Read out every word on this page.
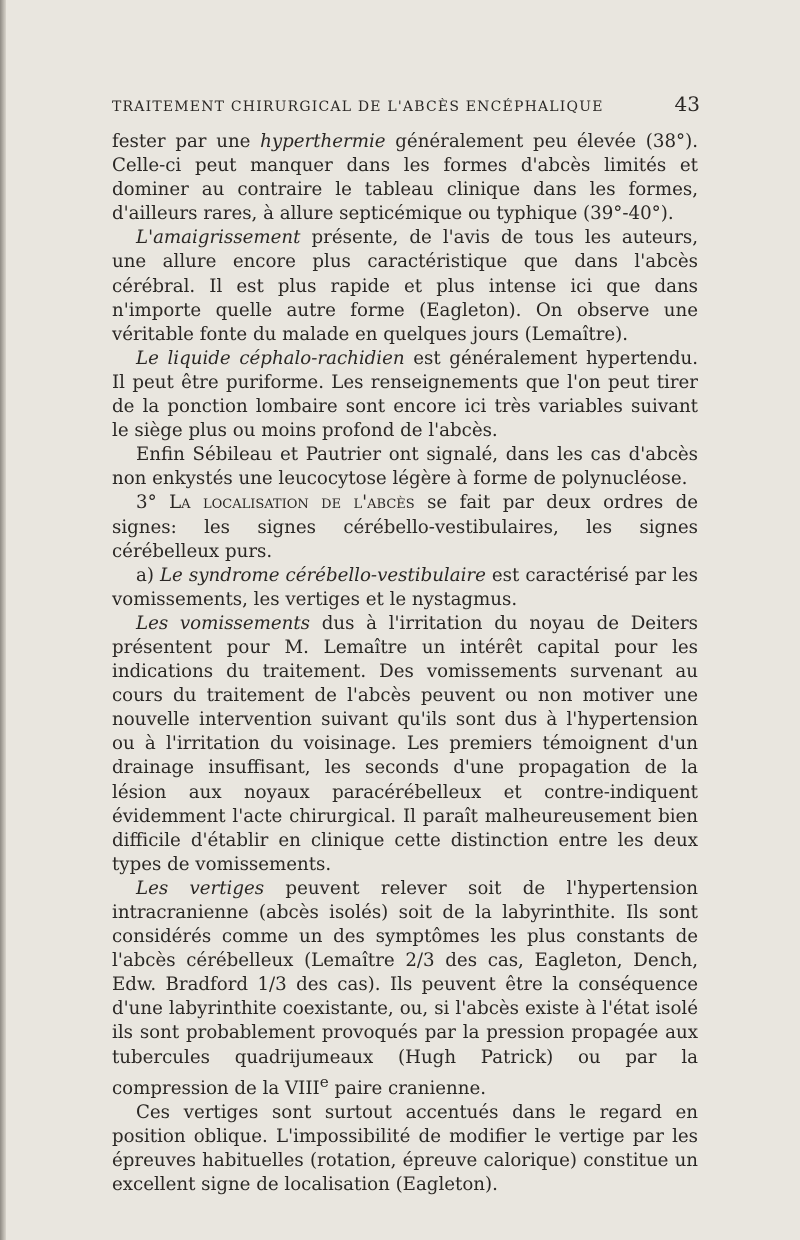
TRAITEMENT CHIRURGICAL DE L'ABCÈS ENCÉPHALIQUE	43

fester par une hyperthermie généralement peu élevée (38°). Celle-ci peut manquer dans les formes d'abcès limités et dominer au contraire le tableau clinique dans les formes, d'ailleurs rares, à allure septicémique ou typhique (39°-40°).

L'amaigrissement présente, de l'avis de tous les auteurs, une allure encore plus caractéristique que dans l'abcès cérébral. Il est plus rapide et plus intense ici que dans n'importe quelle autre forme (Eagleton). On observe une véritable fonte du malade en quelques jours (Lemaître).

Le liquide céphalo-rachidien est généralement hypertendu. Il peut être puriforme. Les renseignements que l'on peut tirer de la ponction lombaire sont encore ici très variables suivant le siège plus ou moins profond de l'abcès.

Enfin Sébileau et Pautrier ont signalé, dans les cas d'abcès non enkystés une leucocytose légère à forme de polynucléose.

3° La localisation de l'abcès se fait par deux ordres de signes: les signes cérébello-vestibulaires, les signes cérébelleux purs.

a) Le syndrome cérébello-vestibulaire est caractérisé par les vomissements, les vertiges et le nystagmus.

Les vomissements dus à l'irritation du noyau de Deiters présentent pour M. Lemaître un intérêt capital pour les indications du traitement. Des vomissements survenant au cours du traitement de l'abcès peuvent ou non motiver une nouvelle intervention suivant qu'ils sont dus à l'hypertension ou à l'irritation du voisinage. Les premiers témoignent d'un drainage insuffisant, les seconds d'une propagation de la lésion aux noyaux paracérébelleux et contre-indiquent évidemment l'acte chirurgical. Il paraît malheureusement bien difficile d'établir en clinique cette distinction entre les deux types de vomissements.

Les vertiges peuvent relever soit de l'hypertension intracranienne (abcès isolés) soit de la labyrinthite. Ils sont considérés comme un des symptômes les plus constants de l'abcès cérébelleux (Lemaître 2/3 des cas, Eagleton, Dench, Edw. Bradford 1/3 des cas). Ils peuvent être la conséquence d'une labyrinthite coexistante, ou, si l'abcès existe à l'état isolé ils sont probablement provoqués par la pression propagée aux tubercules quadrijumeaux (Hugh Patrick) ou par la compression de la VIIIe paire cranienne.

Ces vertiges sont surtout accentués dans le regard en position oblique. L'impossibilité de modifier le vertige par les épreuves habituelles (rotation, épreuve calorique) constitue un excellent signe de localisation (Eagleton).
